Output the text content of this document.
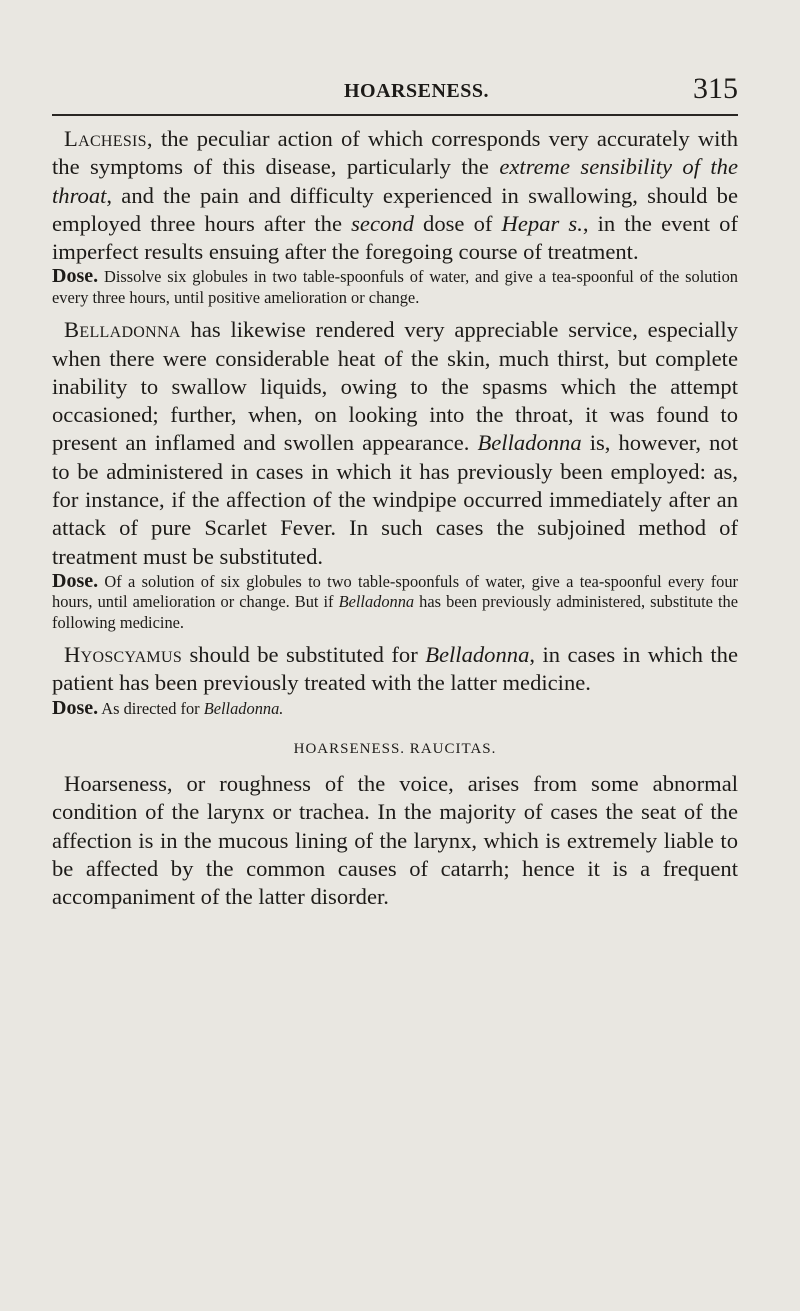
HOARSENESS.	315

Lachesis, the peculiar action of which corresponds very accurately with the symptoms of this disease, particularly the extreme sensibility of the throat, and the pain and difficulty experienced in swallowing, should be employed three hours after the second dose of Hepar s., in the event of imperfect results ensuing after the foregoing course of treatment.

Dose. Dissolve six globules in two table-spoonfuls of water, and give a tea-spoonful of the solution every three hours, until positive amelioration or change.

Belladonna has likewise rendered very appreciable service, especially when there were considerable heat of the skin, much thirst, but complete inability to swallow liquids, owing to the spasms which the attempt occasioned; further, when, on looking into the throat, it was found to present an inflamed and swollen appearance. Belladonna is, however, not to be administered in cases in which it has previously been employed: as, for instance, if the affection of the windpipe occurred immediately after an attack of pure Scarlet Fever. In such cases the subjoined method of treatment must be substituted.

Dose. Of a solution of six globules to two table-spoonfuls of water, give a tea-spoonful every four hours, until amelioration or change. But if Belladonna has been previously administered, substitute the following medicine.

Hyoscyamus should be substituted for Belladonna, in cases in which the patient has been previously treated with the latter medicine.

Dose. As directed for Belladonna.

HOARSENESS. RAUCITAS.

Hoarseness, or roughness of the voice, arises from some abnormal condition of the larynx or trachea. In the majority of cases the seat of the affection is in the mucous lining of the larynx, which is extremely liable to be affected by the common causes of catarrh; hence it is a frequent accompaniment of the latter disorder.
